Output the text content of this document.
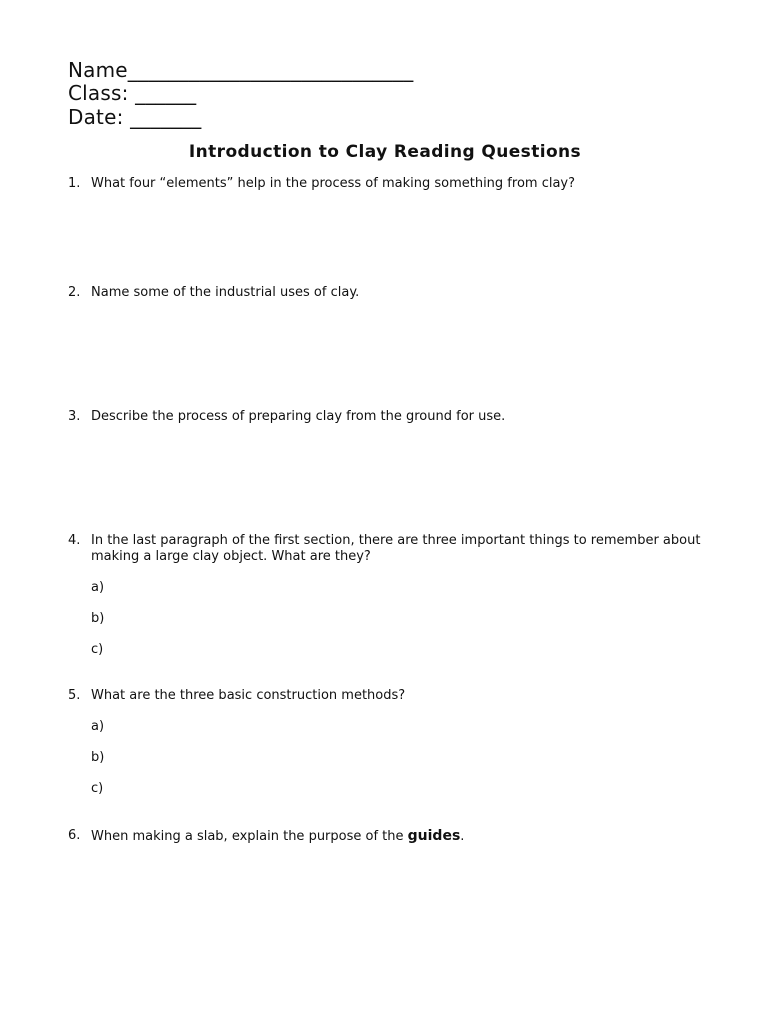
Name____________________________
Class: ______
Date: _______
Introduction to Clay Reading Questions
1. What four “elements” help in the process of making something from clay?
2. Name some of the industrial uses of clay.
3. Describe the process of preparing clay from the ground for use.
4. In the last paragraph of the first section, there are three important things to remember about making a large clay object. What are they?
a)
b)
c)
5. What are the three basic construction methods?
a)
b)
c)
6. When making a slab, explain the purpose of the guides.
